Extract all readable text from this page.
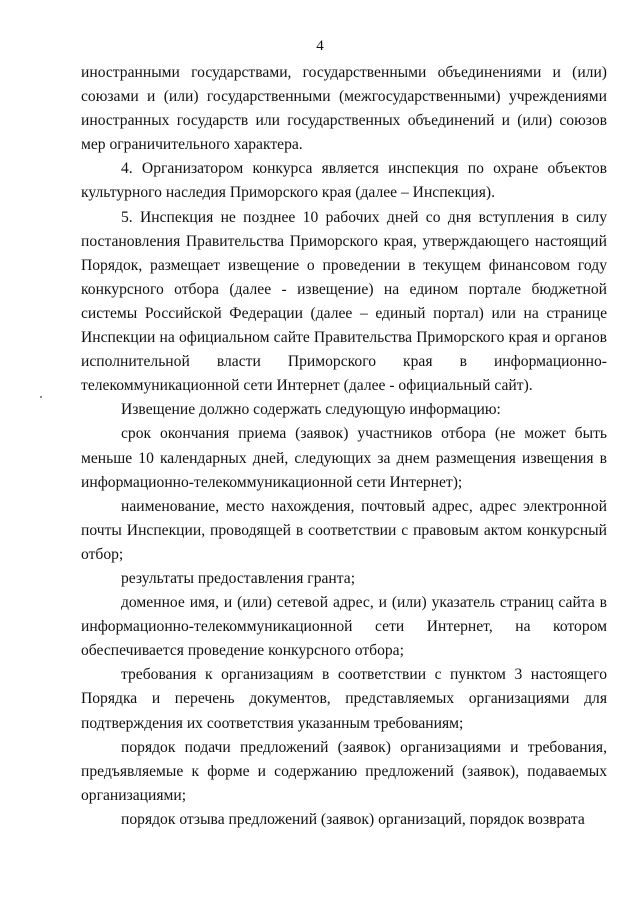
4

иностранными государствами, государственными объединениями и (или) союзами и (или) государственными (межгосударственными) учреждениями иностранных государств или государственных объединений и (или) союзов мер ограничительного характера.

4. Организатором конкурса является инспекция по охране объектов культурного наследия Приморского края (далее – Инспекция).

5. Инспекция не позднее 10 рабочих дней со дня вступления в силу постановления Правительства Приморского края, утверждающего настоящий Порядок, размещает извещение о проведении в текущем финансовом году конкурсного отбора (далее - извещение) на едином портале бюджетной системы Российской Федерации (далее – единый портал) или на странице Инспекции на официальном сайте Правительства Приморского края и органов исполнительной власти Приморского края в информационно-телекоммуникационной сети Интернет (далее - официальный сайт).

Извещение должно содержать следующую информацию:

срок окончания приема (заявок) участников отбора (не может быть меньше 10 календарных дней, следующих за днем размещения извещения в информационно-телекоммуникационной сети Интернет);

наименование, место нахождения, почтовый адрес, адрес электронной почты Инспекции, проводящей в соответствии с правовым актом конкурсный отбор;

результаты предоставления гранта;

доменное имя, и (или) сетевой адрес, и (или) указатель страниц сайта в информационно-телекоммуникационной сети Интернет, на котором обеспечивается проведение конкурсного отбора;

требования к организациям в соответствии с пунктом 3 настоящего Порядка и перечень документов, представляемых организациями для подтверждения их соответствия указанным требованиям;

порядок подачи предложений (заявок) организациями и требования, предъявляемые к форме и содержанию предложений (заявок), подаваемых организациями;

порядок отзыва предложений (заявок) организаций, порядок возврата
